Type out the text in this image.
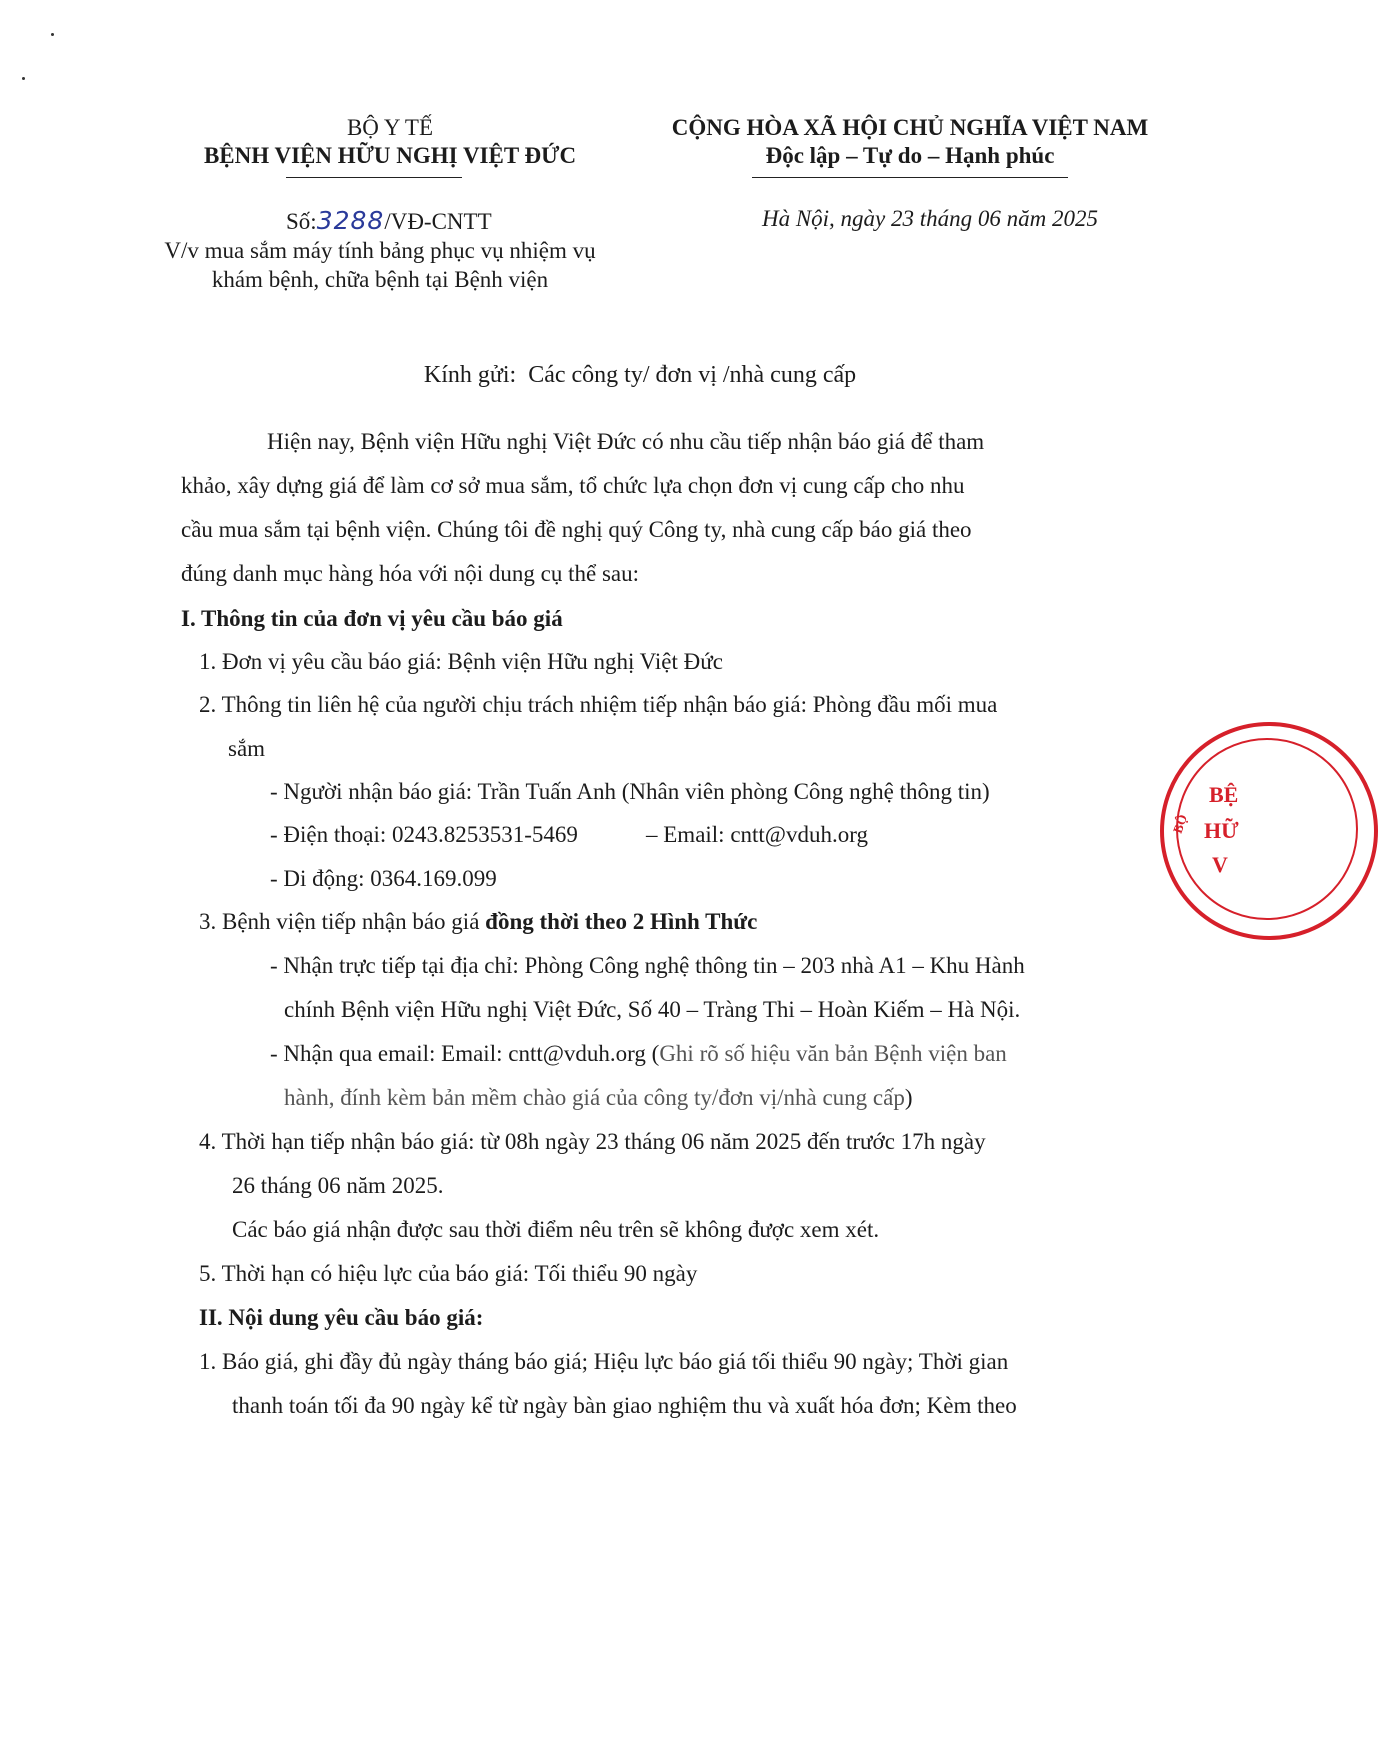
BỘ Y TẾ
BỆNH VIỆN HỮU NGHỊ VIỆT ĐỨC
CỘNG HÒA XÃ HỘI CHỦ NGHĨA VIỆT NAM
Độc lập – Tự do – Hạnh phúc
Số:3288/VĐ-CNTT
V/v mua sắm máy tính bảng phục vụ nhiệm vụ
khám bệnh, chữa bệnh tại Bệnh viện
Hà Nội, ngày 23 tháng 06 năm 2025
Kính gửi:  Các công ty/ đơn vị /nhà cung cấp
Hiện nay, Bệnh viện Hữu nghị Việt Đức có nhu cầu tiếp nhận báo giá để tham
khảo, xây dựng giá để làm cơ sở mua sắm, tổ chức lựa chọn đơn vị cung cấp cho nhu
cầu mua sắm tại bệnh viện. Chúng tôi đề nghị quý Công ty, nhà cung cấp báo giá theo
đúng danh mục hàng hóa với nội dung cụ thể sau:
I. Thông tin của đơn vị yêu cầu báo giá
1. Đơn vị yêu cầu báo giá: Bệnh viện Hữu nghị Việt Đức
2. Thông tin liên hệ của người chịu trách nhiệm tiếp nhận báo giá: Phòng đầu mối mua
sắm
- Người nhận báo giá: Trần Tuấn Anh (Nhân viên phòng Công nghệ thông tin)
- Điện thoại: 0243.8253531-5469	– Email: cntt@vduh.org
- Di động: 0364.169.099
3. Bệnh viện tiếp nhận báo giá đồng thời theo 2 Hình Thức
- Nhận trực tiếp tại địa chỉ: Phòng Công nghệ thông tin – 203 nhà A1 – Khu Hành
chính Bệnh viện Hữu nghị Việt Đức, Số 40 – Tràng Thi – Hoàn Kiếm – Hà Nội.
- Nhận qua email: Email: cntt@vduh.org (Ghi rõ số hiệu văn bản Bệnh viện ban
hành, đính kèm bản mềm chào giá của công ty/đơn vị/nhà cung cấp)
4. Thời hạn tiếp nhận báo giá: từ 08h ngày 23 tháng 06 năm 2025 đến trước 17h ngày
26 tháng 06 năm 2025.
Các báo giá nhận được sau thời điểm nêu trên sẽ không được xem xét.
5. Thời hạn có hiệu lực của báo giá: Tối thiểu 90 ngày
II. Nội dung yêu cầu báo giá:
1. Báo giá, ghi đầy đủ ngày tháng báo giá; Hiệu lực báo giá tối thiểu 90 ngày; Thời gian
thanh toán tối đa 90 ngày kể từ ngày bàn giao nghiệm thu và xuất hóa đơn; Kèm theo
BỆ
HỮ
V
BỘ
